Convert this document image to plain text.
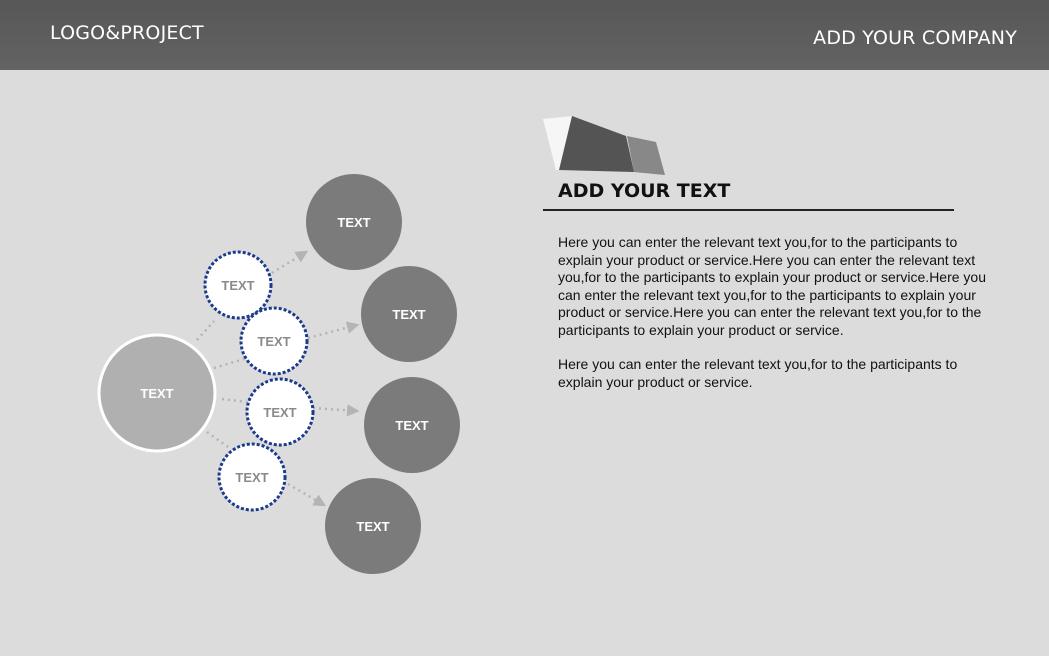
LOGO&PROJECT	ADD YOUR COMPANY
TEXT
TEXT
TEXT
TEXT
TEXT
TEXT
TEXT
TEXT
TEXT
ADD YOUR TEXT

Here you can enter the relevant text you,for to the participants to explain your product or service.Here you can enter the relevant text you,for to the participants to explain your product or service.Here you can enter the relevant text you,for to the participants to explain your product or service.Here you can enter the relevant text you,for to the participants to explain your product or service.

Here you can enter the relevant text you,for to the participants to explain your product or service.
